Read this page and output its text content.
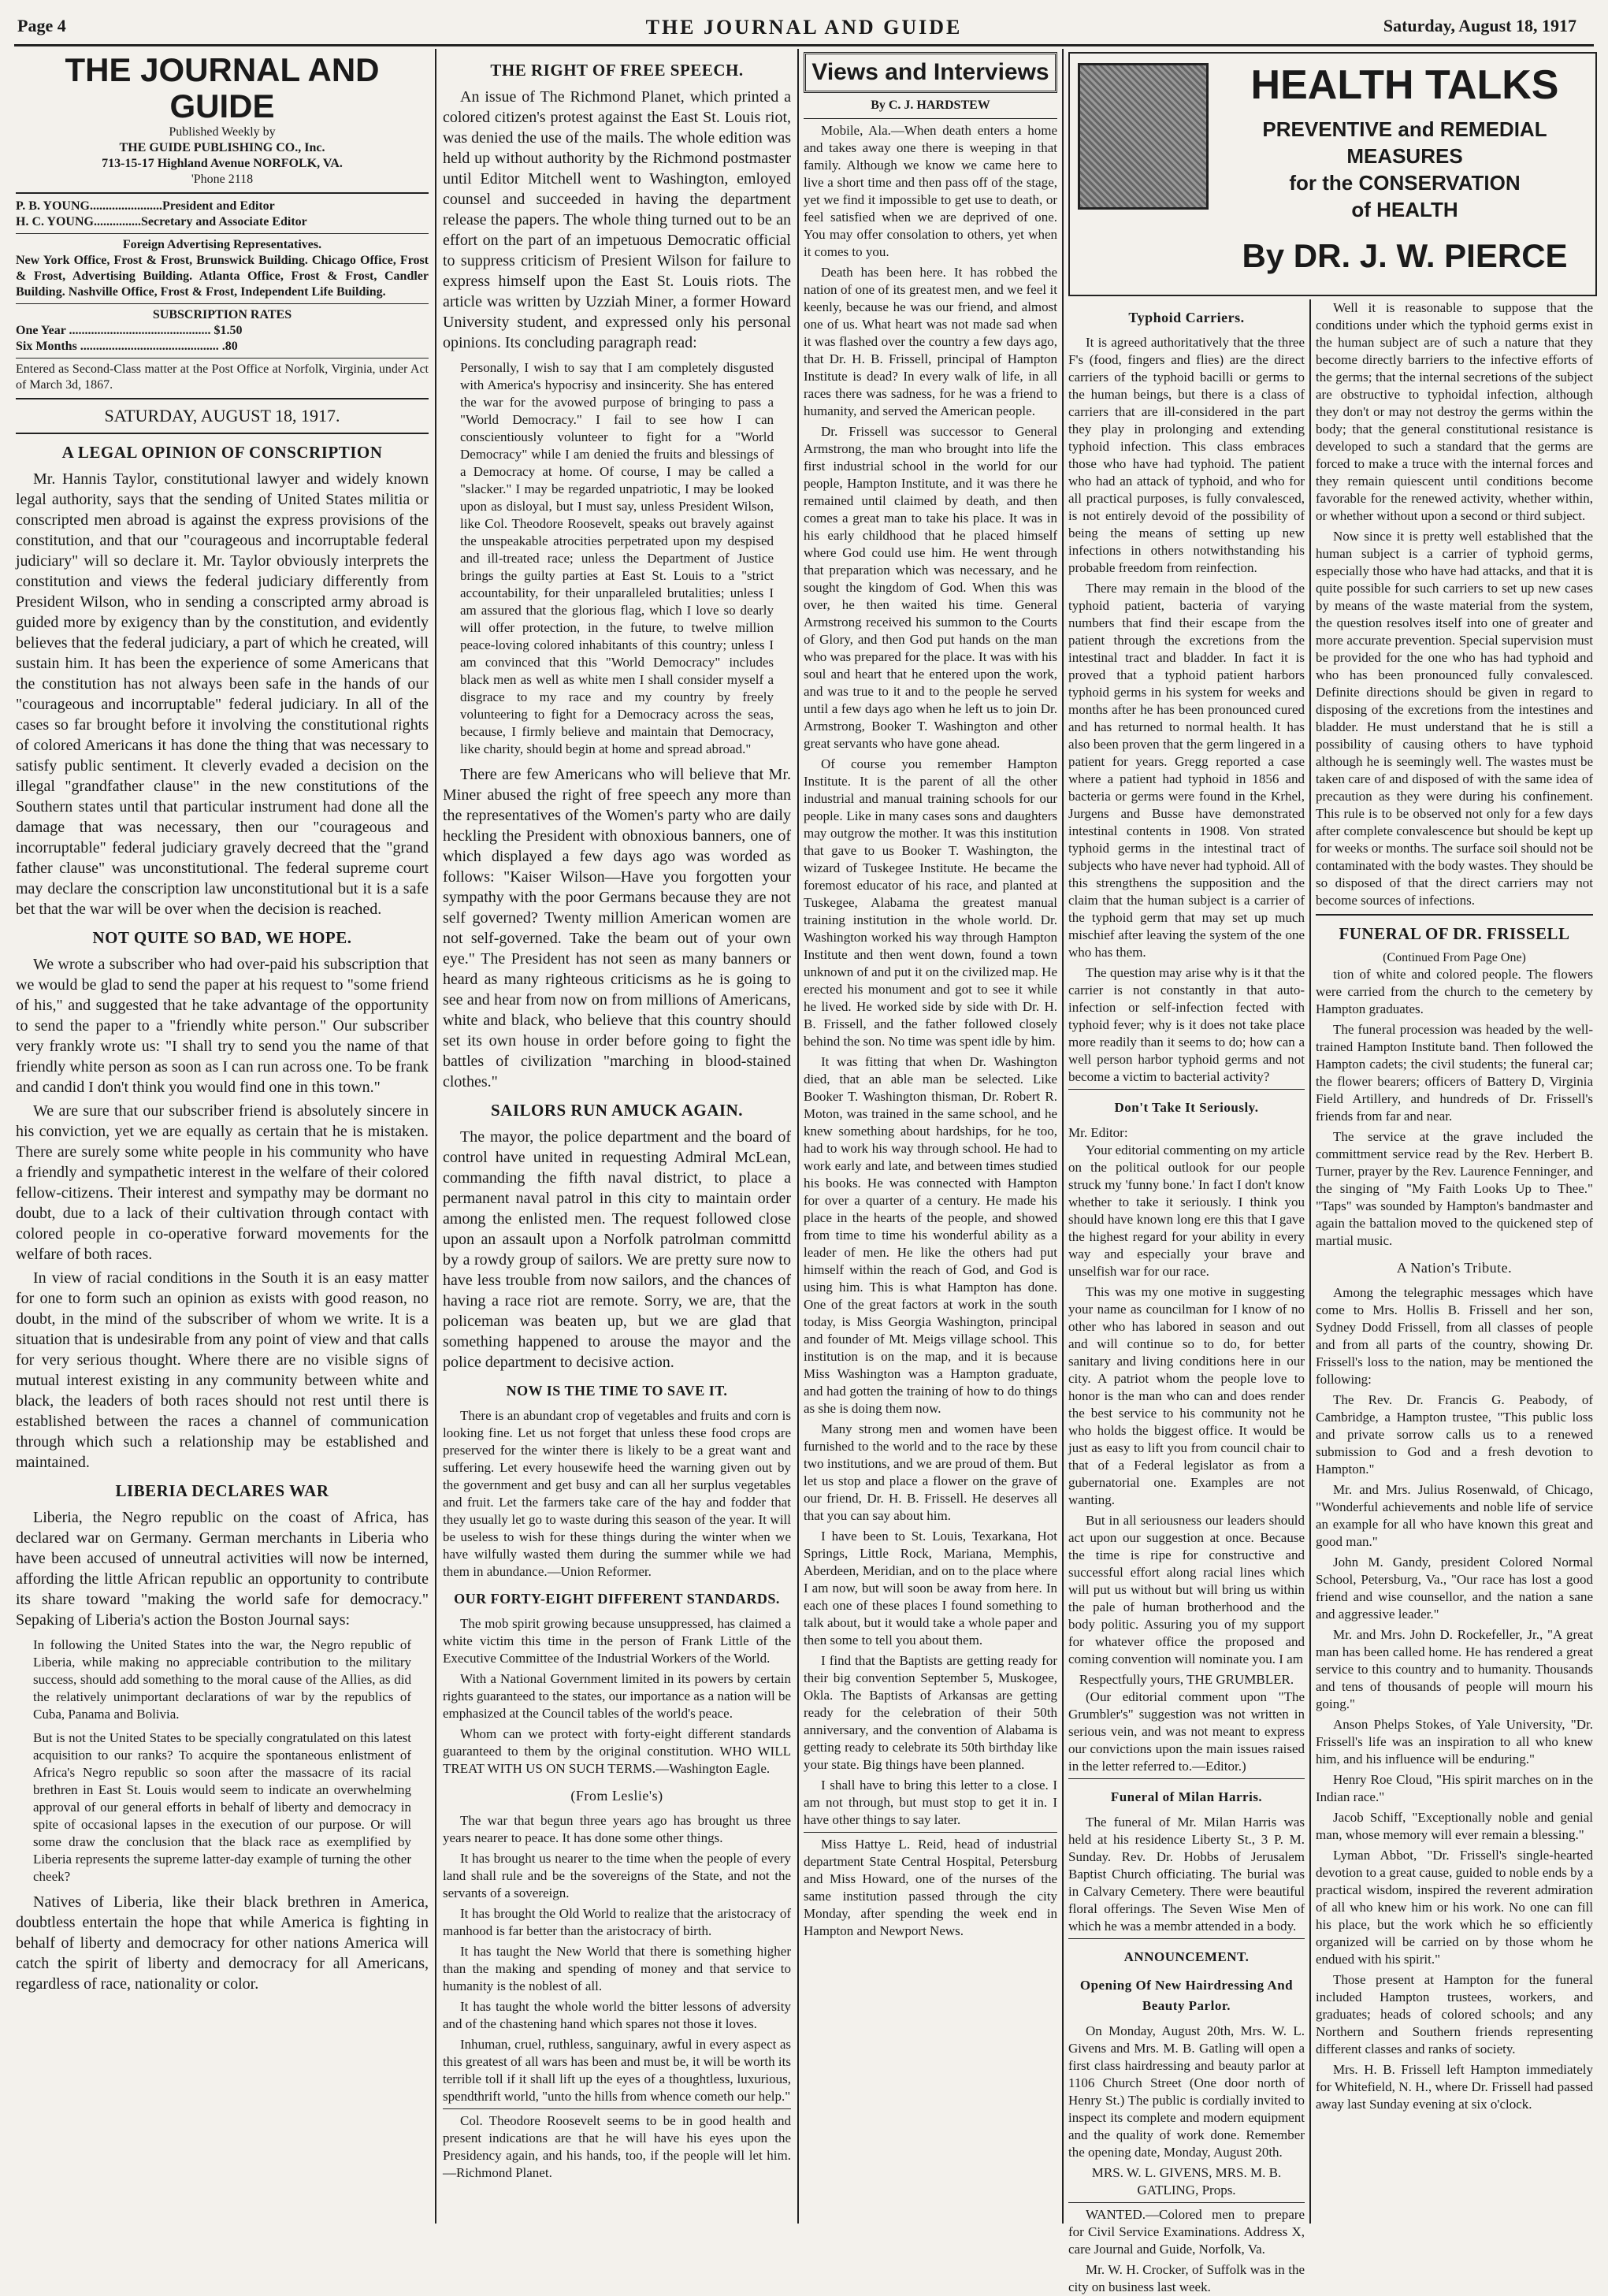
Page 4	THE JOURNAL AND GUIDE	Saturday, August 18, 1917
THE JOURNAL AND GUIDE
Published Weekly by
THE GUIDE PUBLISHING CO., Inc.
713-15-17 Highland Avenue NORFOLK, VA.
'Phone 2118
P. B. YOUNG.......................President and Editor
H. C. YOUNG...............Secretary and Associate Editor
Foreign Advertising Representatives.
New York Office, Frost & Frost, Brunswick Building. Chicago Office, Frost & Frost, Advertising Building. Atlanta Office, Frost & Frost, Candler Building. Nashville Office, Frost & Frost, Independent Life Building.
SUBSCRIPTION RATES
One Year ............................................. $1.50
Six Months ............................................ .80
Entered as Second-Class matter at the Post Office at Norfolk, Virginia, under Act of March 3d, 1867.
SATURDAY, AUGUST 18, 1917.
A LEGAL OPINION OF CONSCRIPTION

Mr. Hannis Taylor, constitutional lawyer and widely known legal authority, says that the sending of United States militia or conscripted men abroad is against the express provisions of the constitution, and that our "courageous and incorruptable federal judiciary" will so declare it. Mr. Taylor obviously interprets the constitution and views the federal judiciary differently from President Wilson, who in sending a conscripted army abroad is guided more by exigency than by the constitution, and evidently believes that the federal judiciary, a part of which he created, will sustain him. It has been the experience of some Americans that the constitution has not always been safe in the hands of our "courageous and incorruptable" federal judiciary. In all of the cases so far brought before it involving the constitutional rights of colored Americans it has done the thing that was necessary to satisfy public sentiment. It cleverly evaded a decision on the illegal "grandfather clause" in the new constitutions of the Southern states until that particular instrument had done all the damage that was necessary, then our "courageous and incorruptable" federal judiciary gravely decreed that the "grand father clause" was unconstitutional. The federal supreme court may declare the conscription law unconstitutional but it is a safe bet that the war will be over when the decision is reached.

NOT QUITE SO BAD, WE HOPE.

We wrote a subscriber who had over-paid his subscription that we would be glad to send the paper at his request to "some friend of his," and suggested that he take advantage of the opportunity to send the paper to a "friendly white person." Our subscriber very frankly wrote us: "I shall try to send you the name of that friendly white person as soon as I can run across one. To be frank and candid I don't think you would find one in this town."

We are sure that our subscriber friend is absolutely sincere in his conviction, yet we are equally as certain that he is mistaken. There are surely some white people in his community who have a friendly and sympathetic interest in the welfare of their colored fellow-citizens. Their interest and sympathy may be dormant no doubt, due to a lack of their cultivation through contact with colored people in co-operative forward movements for the welfare of both races.

In view of racial conditions in the South it is an easy matter for one to form such an opinion as exists with good reason, no doubt, in the mind of the subscriber of whom we write. It is a situation that is undesirable from any point of view and that calls for very serious thought. Where there are no visible signs of mutual interest existing in any community between white and black, the leaders of both races should not rest until there is established between the races a channel of communication through which such a relationship may be established and maintained.

LIBERIA DECLARES WAR

Liberia, the Negro republic on the coast of Africa, has declared war on Germany. German merchants in Liberia who have been accused of unneutral activities will now be interned, affording the little African republic an opportunity to contribute its share toward "making the world safe for democracy." Sepaking of Liberia's action the Boston Journal says:

In following the United States into the war, the Negro republic of Liberia, while making no appreciable contribution to the military success, should add something to the moral cause of the Allies, as did the relatively unimportant declarations of war by the republics of Cuba, Panama and Bolivia.
But is not the United States to be specially congratulated on this latest acquisition to our ranks? To acquire the spontaneous enlistment of Africa's Negro republic so soon after the massacre of its racial brethren in East St. Louis would seem to indicate an overwhelming approval of our general efforts in behalf of liberty and democracy in spite of occasional lapses in the execution of our purpose. Or will some draw the conclusion that the black race as exemplified by Liberia represents the supreme latter-day example of turning the other cheek?

Natives of Liberia, like their black brethren in America, doubtless entertain the hope that while America is fighting in behalf of liberty and democracy for other nations America will catch the spirit of liberty and democracy for all Americans, regardless of race, nationality or color.

THE RIGHT OF FREE SPEECH.

An issue of The Richmond Planet, which printed a colored citizen's protest against the East St. Louis riot, was denied the use of the mails. The whole edition was held up without authority by the Richmond postmaster until Editor Mitchell went to Washington, emloyed counsel and succeeded in having the department release the papers. The whole thing turned out to be an effort on the part of an impetuous Democratic official to suppress criticism of Presient Wilson for failure to express himself upon the East St. Louis riots. The article was written by Uzziah Miner, a former Howard University student, and expressed only his personal opinions. Its concluding paragraph read:

Personally, I wish to say that I am completely disgusted with America's hypocrisy and insincerity. She has entered the war for the avowed purpose of bringing to pass a "World Democracy." I fail to see how I can conscientiously volunteer to fight for a "World Democracy" while I am denied the fruits and blessings of a Democracy at home. Of course, I may be called a "slacker." I may be regarded unpatriotic, I may be looked upon as disloyal, but I must say, unless President Wilson, like Col. Theodore Roosevelt, speaks out bravely against the unspeakable atrocities perpetrated upon my despised and ill-treated race; unless the Department of Justice brings the guilty parties at East St. Louis to a "strict accountability, for their unparalleled brutalities; unless I am assured that the glorious flag, which I love so dearly will offer protection, in the future, to twelve million peace-loving colored inhabitants of this country; unless I am convinced that this "World Democracy" includes black men as well as white men I shall consider myself a disgrace to my race and my country by freely volunteering to fight for a Democracy across the seas, because, I firmly believe and maintain that Democracy, like charity, should begin at home and spread abroad."

There are few Americans who will believe that Mr. Miner abused the right of free speech any more than the representatives of the Women's party who are daily heckling the President with obnoxious banners, one of which displayed a few days ago was worded as follows: "Kaiser Wilson—Have you forgotten your sympathy with the poor Germans because they are not self governed? Twenty million American women are not self-governed. Take the beam out of your own eye." The President has not seen as many banners or heard as many righteous criticisms as he is going to see and hear from now on from millions of Americans, white and black, who believe that this country should set its own house in order before going to fight the battles of civilization "marching in blood-stained clothes."

SAILORS RUN AMUCK AGAIN.

The mayor, the police department and the board of control have united in requesting Admiral McLean, commanding the fifth naval district, to place a permanent naval patrol in this city to maintain order among the enlisted men. The request followed close upon an assault upon a Norfolk patrolman committd by a rowdy group of sailors. We are pretty sure now to have less trouble from now sailors, and the chances of having a race riot are remote. Sorry, we are, that the policeman was beaten up, but we are glad that something happened to arouse the mayor and the police department to decisive action.

NOW IS THE TIME TO SAVE IT.

There is an abundant crop of vegetables and fruits and corn is looking fine. Let us not forget that unless these food crops are preserved for the winter there is likely to be a great want and suffering. Let every housewife heed the warning given out by the government and get busy and can all her surplus vegetables and fruit. Let the farmers take care of the hay and fodder that they usually let go to waste during this season of the year. It will be useless to wish for these things during the winter when we have wilfully wasted them during the summer while we had them in abundance.—Union Reformer.

OUR FORTY-EIGHT DIFFERENT STANDARDS.

The mob spirit growing because unsuppressed, has claimed a white victim this time in the person of Frank Little of the Executive Committee of the Industrial Workers of the World.

With a National Government limited in its powers by certain rights guaranteed to the states, our importance as a nation will be emphasized at the Council tables of the world's peace.

Whom can we protect with forty-eight different standards guaranteed to them by the original constitution. WHO WILL TREAT WITH US ON SUCH TERMS.—Washington Eagle.

(From Leslie's)

The war that begun three years ago has brought us three years nearer to peace. It has done some other things.

It has brought us nearer to the time when the people of every land shall rule and be the sovereigns of the State, and not the servants of a sovereign.

It has brought the Old World to realize that the aristocracy of manhood is far better than the aristocracy of birth.

It has taught the New World that there is something higher than the making and spending of money and that service to humanity is the noblest of all.

It has taught the whole world the bitter lessons of adversity and of the chastening hand which spares not those it loves.

Inhuman, cruel, ruthless, sanguinary, awful in every aspect as this greatest of all wars has been and must be, it will be worth its terrible toll if it shall lift up the eyes of a thoughtless, luxurious, spendthrift world, "unto the hills from whence cometh our help."

Col. Theodore Roosevelt seems to be in good health and present indications are that he will have his eyes upon the Presidency again, and his hands, too, if the people will let him.—Richmond Planet.

Views and Interviews
By C. J. HARDSTEW

Mobile, Ala.—When death enters a home and takes away one there is weeping in that family. Although we know we came here to live a short time and then pass off of the stage, yet we find it impossible to get use to death, or feel satisfied when we are deprived of one. You may offer consolation to others, yet when it comes to you.

Death has been here. It has robbed the nation of one of its greatest men, and we feel it keenly, because he was our friend, and almost one of us. What heart was not made sad when it was flashed over the country a few days ago, that Dr. H. B. Frissell, principal of Hampton Institute is dead? In every walk of life, in all races there was sadness, for he was a friend to humanity, and served the American people.

Dr. Frissell was successor to General Armstrong, the man who brought into life the first industrial school in the world for our people, Hampton Institute, and it was there he remained until claimed by death, and then comes a great man to take his place. It was in his early childhood that he placed himself where God could use him. He went through that preparation which was necessary, and he sought the kingdom of God. When this was over, he then waited his time. General Armstrong received his summon to the Courts of Glory, and then God put hands on the man who was prepared for the place. It was with his soul and heart that he entered upon the work, and was true to it and to the people he served until a few days ago when he left us to join Dr. Armstrong, Booker T. Washington and other great servants who have gone ahead.

Of course you remember Hampton Institute. It is the parent of all the other industrial and manual training schools for our people. Like in many cases sons and daughters may outgrow the mother. It was this institution that gave to us Booker T. Washington, the wizard of Tuskegee Institute. He became the foremost educator of his race, and planted at Tuskegee, Alabama the greatest manual training institution in the whole world. Dr. Washington worked his way through Hampton Institute and then went down, found a town unknown of and put it on the civilized map. He erected his monument and got to see it while he lived. He worked side by side with Dr. H. B. Frissell, and the father followed closely behind the son. No time was spent idle by him.

It was fitting that when Dr. Washington died, that an able man be selected. Like Booker T. Washington thisman, Dr. Robert R. Moton, was trained in the same school, and he knew something about hardships, for he too, had to work his way through school. He had to work early and late, and between times studied his books. He was connected with Hampton for over a quarter of a century. He made his place in the hearts of the people, and showed from time to time his wonderful ability as a leader of men. He like the others had put himself within the reach of God, and God is using him. This is what Hampton has done. One of the great factors at work in the south today, is Miss Georgia Washington, principal and founder of Mt. Meigs village school. This institution is on the map, and it is because Miss Washington was a Hampton graduate, and had gotten the training of how to do things as she is doing them now.

Many strong men and women have been furnished to the world and to the race by these two institutions, and we are proud of them. But let us stop and place a flower on the grave of our friend, Dr. H. B. Frissell. He deserves all that you can say about him.

I have been to St. Louis, Texarkana, Hot Springs, Little Rock, Mariana, Memphis, Aberdeen, Meridian, and on to the place where I am now, but will soon be away from here. In each one of these places I found something to talk about, but it would take a whole paper and then some to tell you about them.

I find that the Baptists are getting ready for their big convention September 5, Muskogee, Okla. The Baptists of Arkansas are getting ready for the celebration of their 50th anniversary, and the convention of Alabama is getting ready to celebrate its 50th birthday like your state. Big things have been planned.

I shall have to bring this letter to a close. I am not through, but must stop to get it in. I have other things to say later.

Miss Hattye L. Reid, head of industrial department State Central Hospital, Petersburg and Miss Howard, one of the nurses of the same institution passed through the city Monday, after spending the week end in Hampton and Newport News.

HEALTH TALKS
PREVENTIVE and REMEDIAL
MEASURES
for the CONSERVATION
of HEALTH
By DR. J. W. PIERCE
Typhoid Carriers.

It is agreed authoritatively that the three F's (food, fingers and flies) are the direct carriers of the typhoid bacilli or germs to the human beings, but there is a class of carriers that are ill-considered in the part they play in prolonging and extending typhoid infection. This class embraces those who have had typhoid. The patient who had an attack of typhoid, and who for all practical purposes, is fully convalesced, is not entirely devoid of the possibility of being the means of setting up new infections in others notwithstanding his probable freedom from reinfection.

There may remain in the blood of the typhoid patient, bacteria of varying numbers that find their escape from the patient through the excretions from the intestinal tract and bladder. In fact it is proved that a typhoid patient harbors typhoid germs in his system for weeks and months after he has been pronounced cured and has returned to normal health. It has also been proven that the germ lingered in a patient for years. Gregg reported a case where a patient had typhoid in 1856 and bacteria or germs were found in the Krhel, Jurgens and Busse have demonstrated intestinal contents in 1908. Von strated typhoid germs in the intestinal tract of subjects who have never had typhoid. All of this strengthens the supposition and the claim that the human subject is a carrier of the typhoid germ that may set up much mischief after leaving the system of the one who has them.

The question may arise why is it that the carrier is not constantly in that auto-infection or self-infection fected with typhoid fever; why is it does not take place more readily than it seems to do; how can a well person harbor typhoid germs and not become a victim to bacterial activity?

Don't Take It Seriously.
Mr. Editor:

Your editorial commenting on my article on the political outlook for our people struck my 'funny bone.' In fact I don't know whether to take it seriously. I think you should have known long ere this that I gave the highest regard for your ability in every way and especially your brave and unselfish war for our race.

This was my one motive in suggesting your name as councilman for I know of no other who has labored in season and out and will continue so to do, for better sanitary and living conditions here in our city. A patriot whom the people love to honor is the man who can and does render the best service to his community not he who holds the biggest office. It would be just as easy to lift you from council chair to that of a Federal legislator as from a gubernatorial one. Examples are not wanting.

But in all seriousness our leaders should act upon our suggestion at once. Because the time is ripe for constructive and successful effort along racial lines which will put us without but will bring us within the pale of human brotherhood and the body politic. Assuring you of my support for whatever office the proposed and coming convention will nominate you. I am

Respectfully yours, THE GRUMBLER.

(Our editorial comment upon "The Grumbler's" suggestion was not written in serious vein, and was not meant to express our convictions upon the main issues raised in the letter referred to.—Editor.)

Funeral of Milan Harris.

The funeral of Mr. Milan Harris was held at his residence Liberty St., 3 P. M. Sunday. Rev. Dr. Hobbs of Jerusalem Baptist Church officiating. The burial was in Calvary Cemetery. There were beautiful floral offerings. The Seven Wise Men of which he was a membr attended in a body.

ANNOUNCEMENT.
Opening Of New Hairdressing And Beauty Parlor.

On Monday, August 20th, Mrs. W. L. Givens and Mrs. M. B. Gatling will open a first class hairdressing and beauty parlor at 1106 Church Street (One door north of Henry St.) The public is cordially invited to inspect its complete and modern equipment and the quality of work done. Remember the opening date, Monday, August 20th.

MRS. W. L. GIVENS, MRS. M. B. GATLING, Props.

WANTED.—Colored men to prepare for Civil Service Examinations. Address X, care Journal and Guide, Norfolk, Va.

Mr. W. H. Crocker, of Suffolk was in the city on business last week.

Well it is reasonable to suppose that the conditions under which the typhoid germs exist in the human subject are of such a nature that they become directly barriers to the infective efforts of the germs; that the internal secretions of the subject are obstructive to typhoidal infection, although they don't or may not destroy the germs within the body; that the general constitutional resistance is developed to such a standard that the germs are forced to make a truce with the internal forces and they remain quiescent until conditions become favorable for the renewed activity, whether within, or whether without upon a second or third subject.

Now since it is pretty well established that the human subject is a carrier of typhoid germs, especially those who have had attacks, and that it is quite possible for such carriers to set up new cases by means of the waste material from the system, the question resolves itself into one of greater and more accurate prevention. Special supervision must be provided for the one who has had typhoid and who has been pronounced fully convalesced. Definite directions should be given in regard to disposing of the excretions from the intestines and bladder. He must understand that he is still a possibility of causing others to have typhoid although he is seemingly well. The wastes must be taken care of and disposed of with the same idea of precaution as they were during his confinement. This rule is to be observed not only for a few days after complete convalescence but should be kept up for weeks or months. The surface soil should not be contaminated with the body wastes. They should be so disposed of that the direct carriers may not become sources of infections.

FUNERAL OF DR. FRISSELL
(Continued From Page One)

tion of white and colored people. The flowers were carried from the church to the cemetery by Hampton graduates.

The funeral procession was headed by the well-trained Hampton Institute band. Then followed the Hampton cadets; the civil students; the funeral car; the flower bearers; officers of Battery D, Virginia Field Artillery, and hundreds of Dr. Frissell's friends from far and near.

The service at the grave included the committment service read by the Rev. Herbert B. Turner, prayer by the Rev. Laurence Fenninger, and the singing of "My Faith Looks Up to Thee." "Taps" was sounded by Hampton's bandmaster and again the battalion moved to the quickened step of martial music.

A Nation's Tribute.

Among the telegraphic messages which have come to Mrs. Hollis B. Frissell and her son, Sydney Dodd Frissell, from all classes of people and from all parts of the country, showing Dr. Frissell's loss to the nation, may be mentioned the following:

The Rev. Dr. Francis G. Peabody, of Cambridge, a Hampton trustee, "This public loss and private sorrow calls us to a renewed submission to God and a fresh devotion to Hampton."

Mr. and Mrs. Julius Rosenwald, of Chicago, "Wonderful achievements and noble life of service an example for all who have known this great and good man."

John M. Gandy, president Colored Normal School, Petersburg, Va., "Our race has lost a good friend and wise counsellor, and the nation a sane and aggressive leader."

Mr. and Mrs. John D. Rockefeller, Jr., "A great man has been called home. He has rendered a great service to this country and to humanity. Thousands and tens of thousands of people will mourn his going."

Anson Phelps Stokes, of Yale University, "Dr. Frissell's life was an inspiration to all who knew him, and his influence will be enduring."

Henry Roe Cloud, "His spirit marches on in the Indian race."

Jacob Schiff, "Exceptionally noble and genial man, whose memory will ever remain a blessing."

Lyman Abbot, "Dr. Frissell's single-hearted devotion to a great cause, guided to noble ends by a practical wisdom, inspired the reverent admiration of all who knew him or his work. No one can fill his place, but the work which he so efficiently organized will be carried on by those whom he endued with his spirit."

Those present at Hampton for the funeral included Hampton trustees, workers, and graduates; heads of colored schools; and any Northern and Southern friends representing different classes and ranks of society.

Mrs. H. B. Frissell left Hampton immediately for Whitefield, N. H., where Dr. Frissell had passed away last Sunday evening at six o'clock.
